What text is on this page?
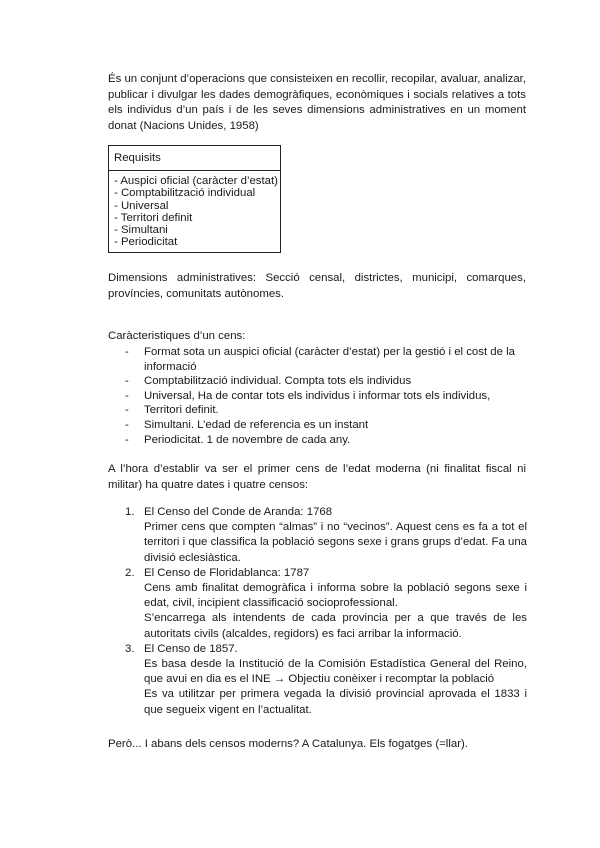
És un conjunt d’operacions que consisteixen en recollir, recopilar, avaluar, analizar, publicar i divulgar les dades demogràfiques, econòmiques i socials relatives a tots els individus d’un país i de les seves dimensions administratives en un moment donat (Nacions Unides, 1958)

Requisits
- Auspici oficial (caràcter d’estat)
- Comptabilització individual
- Universal
- Territori definit
- Simultani
- Periodicitat

Dimensions administratives: Secció censal, districtes, municipi, comarques, províncies, comunitats autònomes.

Caràcteristiques d’un cens:

- Format sota un auspici oficial (caràcter d’estat) per la gestió i el cost de la informació
- Comptabilització individual. Compta tots els individus
- Universal, Ha de contar tots els individus i informar tots els individus,
- Territori definit.
- Simultani. L’edad de referencia es un instant
- Periodicitat. 1 de novembre de cada any.

A l’hora d’establir va ser el primer cens de l’edat moderna (ni finalitat fiscal ni militar) ha quatre dates i quatre censos:

1. El Censo del Conde de Aranda: 1768

Primer cens que compten “almas” i no “vecinos”. Aquest cens es fa a tot el territori i que classifica la població segons sexe i grans grups d’edat. Fa una divisió eclesiàstica.

2. El Censo de Floridablanca: 1787

Cens amb finalitat demogràfica i informa sobre la població segons sexe i edat, civil, incipient classificació socioprofessional.

S’encarrega als intendents de cada provincia per a que través de les autoritats civils (alcaldes, regidors) es faci arribar la informació.

3. El Censo de 1857.

Es basa desde la Institució de la Comisión Estadística General del Reino, que avui en dia es el INE → Objectiu conèixer i recomptar la població

Es va utilitzar per primera vegada la divisió provincial aprovada el 1833 i que segueix vigent en l’actualitat.

Però... I abans dels censos moderns? A Catalunya. Els fogatges (=llar).
